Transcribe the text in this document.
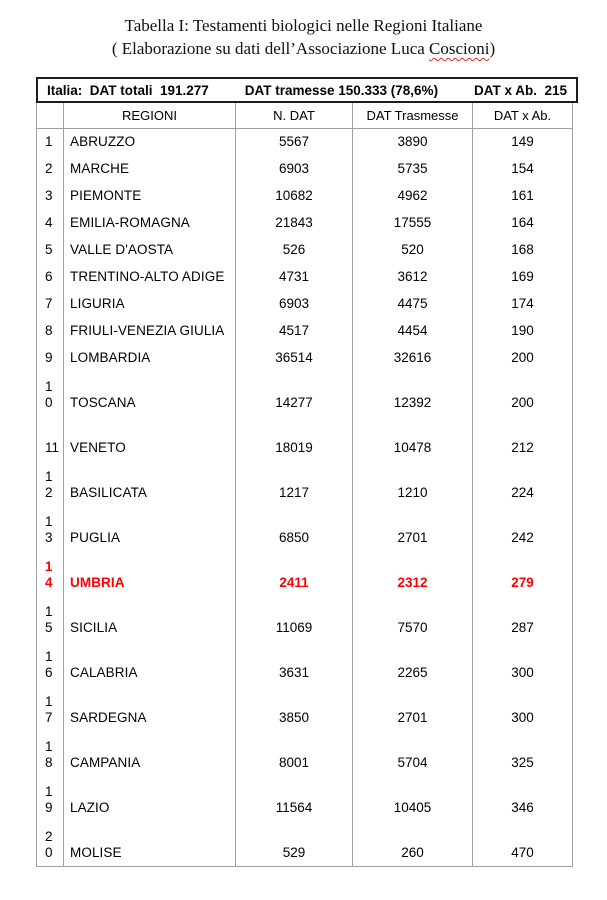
Tabella I: Testamenti biologici nelle Regioni Italiane
( Elaborazione su dati dell’Associazione Luca Coscioni)
Italia:  DAT totali  191.277	DAT tramesse 150.333 (78,6%)	DAT x Ab.  215
	REGIONI	N. DAT	DAT Trasmesse	DAT x Ab.
1	ABRUZZO	5567	3890	149
2	MARCHE	6903	5735	154
3	PIEMONTE	10682	4962	161
4	EMILIA-ROMAGNA	21843	17555	164
5	VALLE D'AOSTA	526	520	168
6	TRENTINO-ALTO ADIGE	4731	3612	169
7	LIGURIA	6903	4475	174
8	FRIULI-VENEZIA GIULIA	4517	4454	190
9	LOMBARDIA	36514	32616	200
10	TOSCANA	14277	12392	200
11	VENETO	18019	10478	212
12	BASILICATA	1217	1210	224
13	PUGLIA	6850	2701	242
14	UMBRIA	2411	2312	279
15	SICILIA	11069	7570	287
16	CALABRIA	3631	2265	300
17	SARDEGNA	3850	2701	300
18	CAMPANIA	8001	5704	325
19	LAZIO	11564	10405	346
20	MOLISE	529	260	470
